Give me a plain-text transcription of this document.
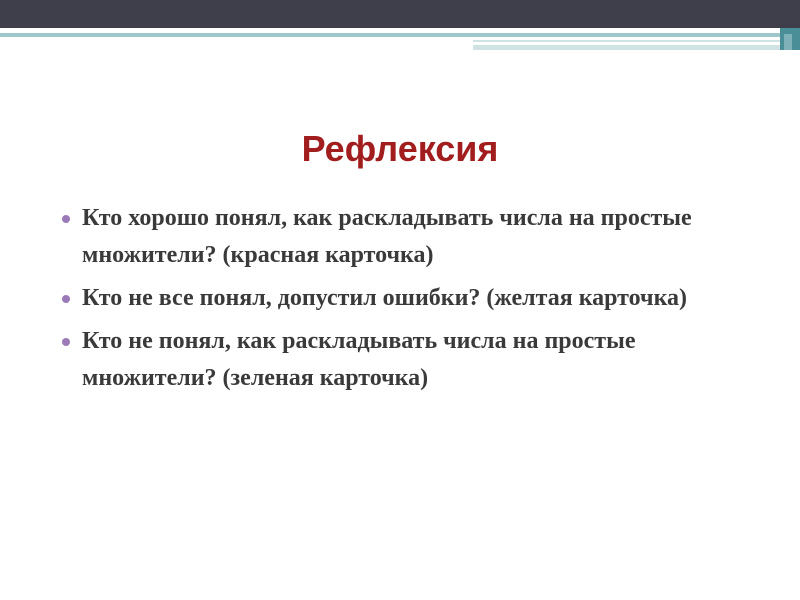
Рефлексия
Кто хорошо понял, как раскладывать числа на простые множители? (красная карточка)
Кто не все понял, допустил ошибки? (желтая карточка)
Кто не понял, как раскладывать числа на простые множители? (зеленая карточка)
